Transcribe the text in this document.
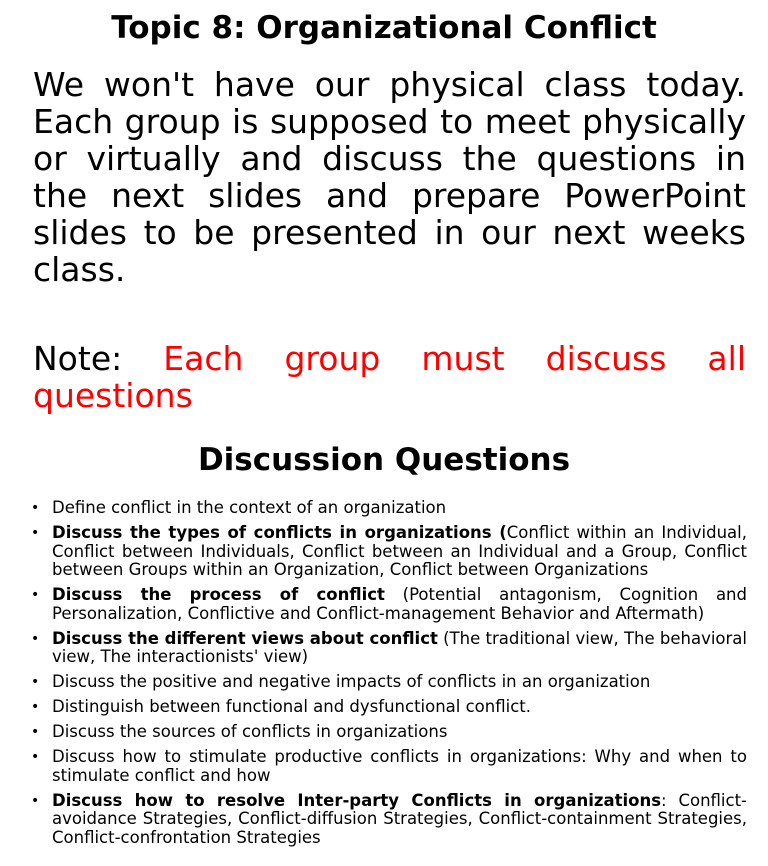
Topic 8: Organizational Conflict
We won't have our physical class today. Each group is supposed to meet physically or virtually and discuss the questions in the next slides and prepare PowerPoint slides to be presented in our next weeks class.
Note: Each group must discuss all questions
Discussion Questions
• Define conflict in the context of an organization
• Discuss the types of conflicts in organizations (Conflict within an Individual, Conflict between Individuals, Conflict between an Individual and a Group, Conflict between Groups within an Organization, Conflict between Organizations
• Discuss the process of conflict (Potential antagonism, Cognition and Personalization, Conflictive and Conflict-management Behavior and Aftermath)
• Discuss the different views about conflict (The traditional view, The behavioral view, The interactionists' view)
• Discuss the positive and negative impacts of conflicts in an organization
• Distinguish between functional and dysfunctional conflict.
• Discuss the sources of conflicts in organizations
• Discuss how to stimulate productive conflicts in organizations: Why and when to stimulate conflict and how
• Discuss how to resolve Inter-party Conflicts in organizations: Conflict-avoidance Strategies, Conflict-diffusion Strategies, Conflict-containment Strategies, Conflict-confrontation Strategies
